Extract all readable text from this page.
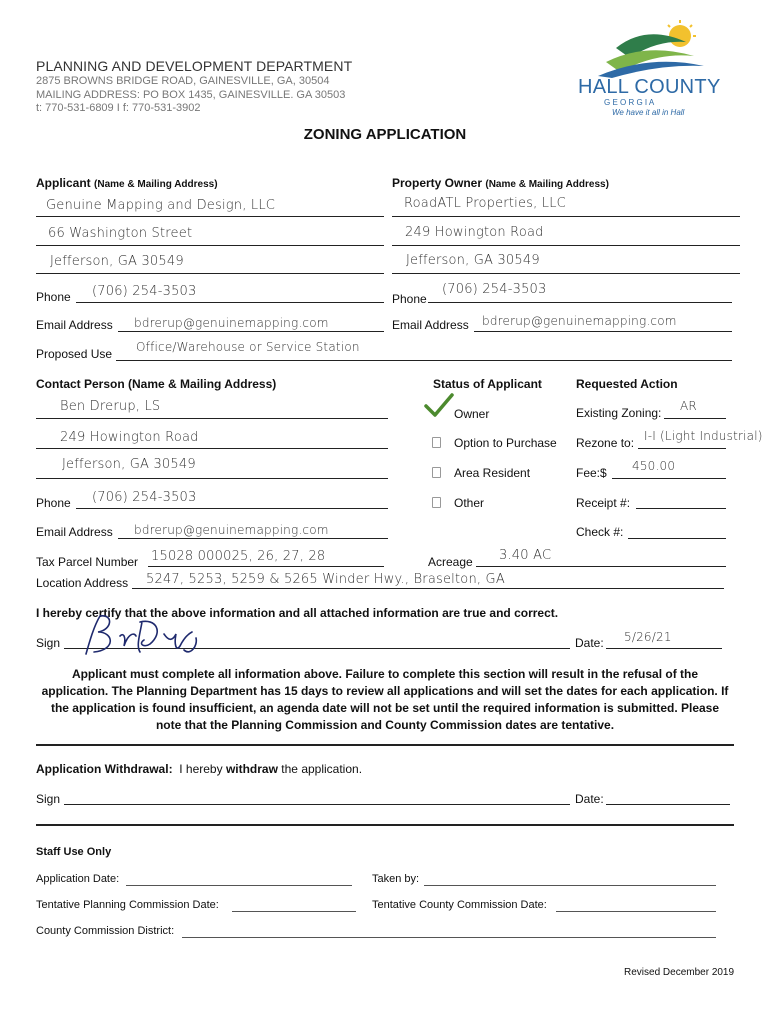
PLANNING AND DEVELOPMENT DEPARTMENT
2875 BROWNS BRIDGE ROAD, GAINESVILLE, GA, 30504
MAILING ADDRESS: PO BOX 1435, GAINESVILLE. GA 30503
t: 770-531-6809 I f: 770-531-3902
HALL COUNTY
G E O R G I A
We have it all in Hall
ZONING APPLICATION
Applicant (Name & Mailing Address)	Property Owner (Name & Mailing Address)
Genuine Mapping and Design, LLC
66 Washington Street
Jefferson, GA 30549
Phone (706) 254-3503
Email Address bdrerup@genuinemapping.com
RoadATL Properties, LLC
249 Howington Road
Jefferson, GA 30549
Phone
(706) 254-3503
Email Address bdrerup@genuinemapping.com
Proposed Use Office/Warehouse or Service Station
Contact Person (Name & Mailing Address)	Status of Applicant	Requested Action
Ben Drerup, LS
249 Howington Road
Jefferson, GA 30549
Phone (706) 254-3503
Email Address bdrerup@genuinemapping.com
Owner
Option to Purchase
Area Resident
Other
Existing Zoning: AR
Rezone to: I-I (Light Industrial)
Fee:$ 450.00
Receipt #:
Check #:
Tax Parcel Number 15028 000025, 26, 27, 28	Acreage 3.40 AC
Location Address 5247, 5253, 5259 & 5265 Winder Hwy., Braselton, GA
I hereby certify that the above information and all attached information are true and correct.
Sign	Date: 5/26/21
Applicant must complete all information above. Failure to complete this section will result in the refusal of the application. The Planning Department has 15 days to review all applications and will set the dates for each application. If the application is found insufficient, an agenda date will not be set until the required information is submitted. Please note that the Planning Commission and County Commission dates are tentative.
Application Withdrawal: I hereby withdraw the application.
Sign	Date:
Staff Use Only
Application Date:	Taken by:
Tentative Planning Commission Date:	Tentative County Commission Date:
County Commission District:
Revised December 2019
